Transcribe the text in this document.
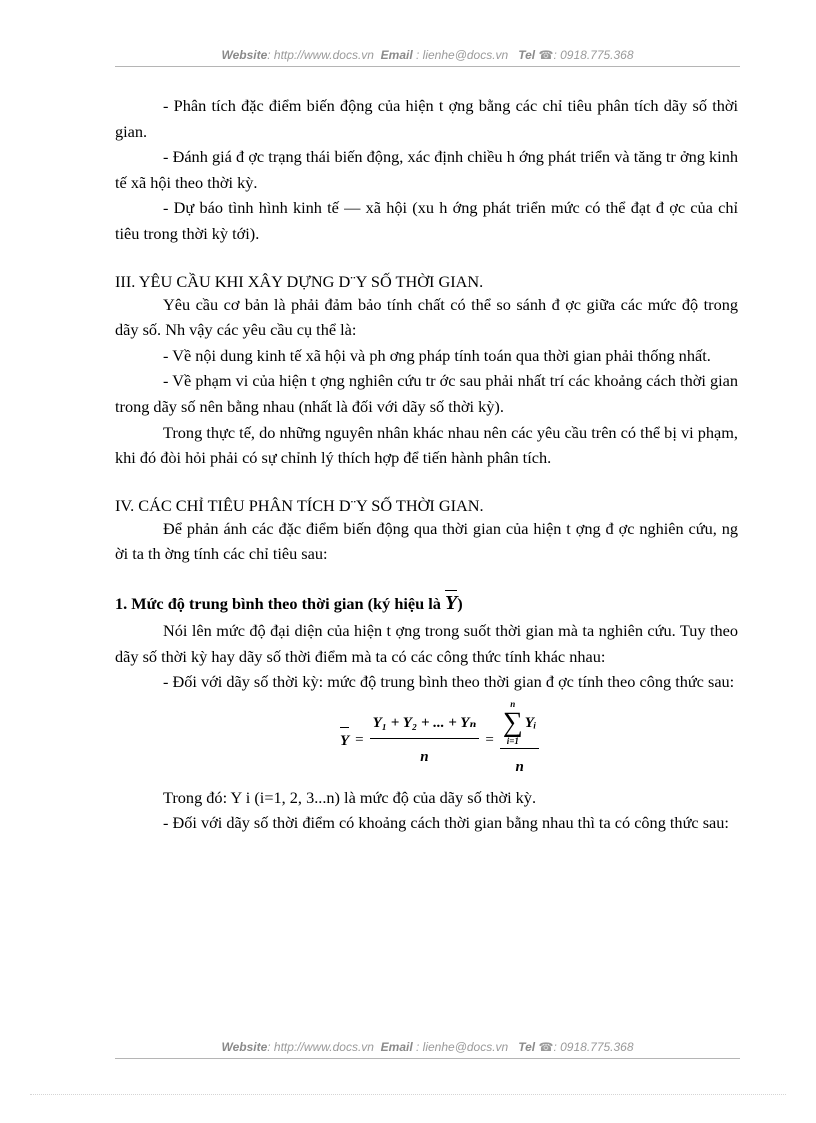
Website: http://www.docs.vn Email : lienhe@docs.vn Tel ☎: 0918.775.368

- Phân tích đặc điểm biến động của hiện t ợng bằng các chỉ tiêu phân tích dãy số thời gian.

- Đánh giá đ ợc trạng thái biến động, xác định chiều h ớng phát triển và tăng tr ởng kinh tế xã hội theo thời kỳ.

- Dự báo tình hình kinh tế — xã hội (xu h ớng phát triển mức có thể đạt đ ợc của chỉ tiêu trong thời kỳ tới).

III. YÊU CẦU KHI XÂY DỰNG D¨Y SỐ THỜI GIAN.

Yêu cầu cơ bản là phải đảm bảo tính chất có thể so sánh đ ợc giữa các mức độ trong dãy số. Nh vậy các yêu cầu cụ thể là:

- Về nội dung kinh tế xã hội và ph ơng pháp tính toán qua thời gian phải thống nhất.

- Về phạm vi của hiện t ợng nghiên cứu tr ớc sau phải nhất trí các khoảng cách thời gian trong dãy số nên bằng nhau (nhất là đối với dãy số thời kỳ).

Trong thực tế, do những nguyên nhân khác nhau nên các yêu cầu trên có thể bị vi phạm, khi đó đòi hỏi phải có sự chỉnh lý thích hợp để tiến hành phân tích.

IV. CÁC CHỈ TIÊU PHÂN TÍCH D¨Y SỐ THỜI GIAN.

Để phản ánh các đặc điểm biến động qua thời gian của hiện t ợng đ ợc nghiên cứu, ng ời ta th ờng tính các chỉ tiêu sau:

1. Mức độ trung bình theo thời gian (ký hiệu là Y)

Nói lên mức độ đại diện của hiện t ợng trong suốt thời gian mà ta nghiên cứu. Tuy theo dãy số thời kỳ hay dãy số thời điểm mà ta có các công thức tính khác nhau:

- Đối với dãy số thời kỳ: mức độ trung bình theo thời gian đ ợc tính theo công thức sau:

$Y = \frac{\text{Y₁ + Y₂ + ... + Yₙ}}{n} = n$
∑
i=1
Yᵢ
n

Trong đó: Y i (i=1, 2, 3...n) là mức độ của dãy số thời kỳ.

- Đối với dãy số thời điểm có khoảng cách thời gian bằng nhau thì ta có công thức sau:

Website: http://www.docs.vn Email : lienhe@docs.vn Tel ☎: 0918.775.368
